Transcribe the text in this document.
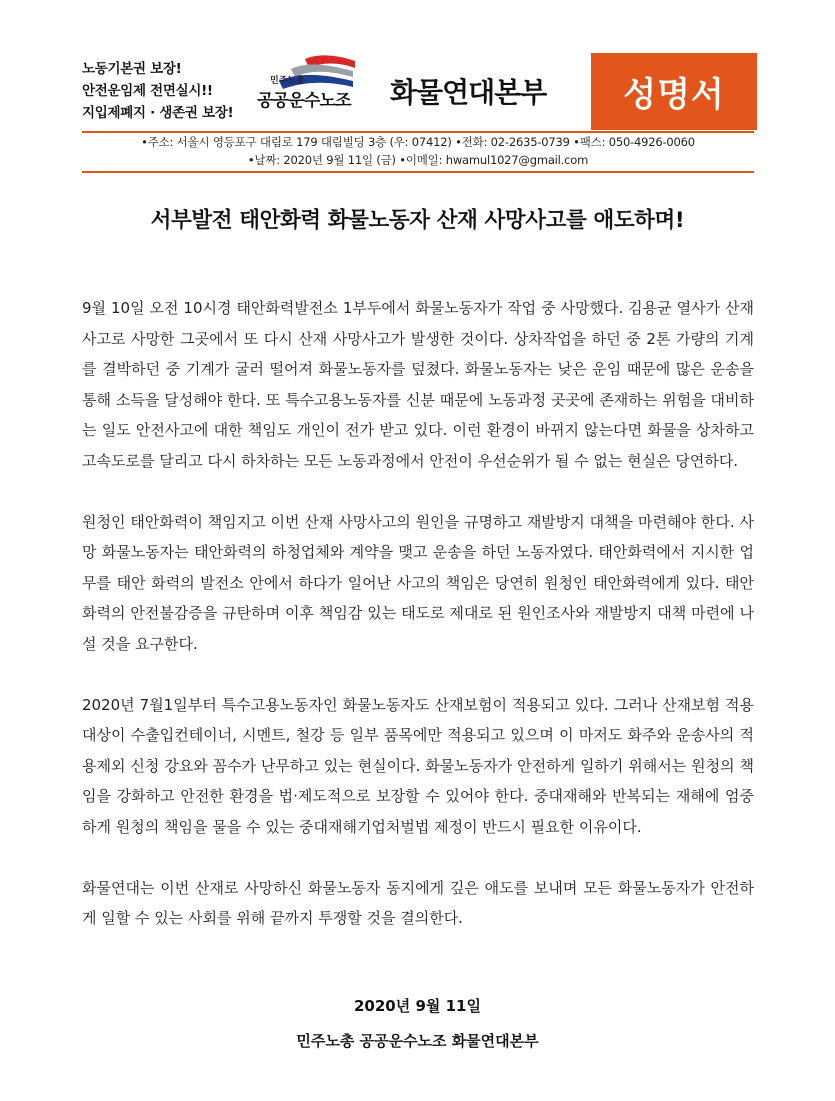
노동기본권 보장!
안전운임제 전면실시!!
지입제폐지 · 생존권 보장!
민주노총
공공운수노조 화물연대본부	성명서
•주소: 서울시 영등포구 대림로 179 대림빌딩 3층 (우: 07412) •전화: 02-2635-0739 •팩스: 050-4926-0060
•날짜: 2020년 9월 11일 (금) •이메일: hwamul1027@gmail.com
서부발전 태안화력 화물노동자 산재 사망사고를 애도하며!

9월 10일 오전 10시경 태안화력발전소 1부두에서 화물노동자가 작업 중 사망했다. 김용균 열사가 산재사고로 사망한 그곳에서 또 다시 산재 사망사고가 발생한 것이다. 상차작업을 하던 중 2톤 가량의 기계를 결박하던 중 기계가 굴러 떨어져 화물노동자를 덮쳤다. 화물노동자는 낮은 운임 때문에 많은 운송을 통해 소득을 달성해야 한다. 또 특수고용노동자를 신분 때문에 노동과정 곳곳에 존재하는 위험을 대비하는 일도 안전사고에 대한 책임도 개인이 전가 받고 있다. 이런 환경이 바뀌지 않는다면 화물을 상차하고 고속도로를 달리고 다시 하차하는 모든 노동과정에서 안전이 우선순위가 될 수 없는 현실은 당연하다.

원청인 태안화력이 책임지고 이번 산재 사망사고의 원인을 규명하고 재발방지 대책을 마련해야 한다. 사망 화물노동자는 태안화력의 하청업체와 계약을 맺고 운송을 하던 노동자였다. 태안화력에서 지시한 업무를 태안 화력의 발전소 안에서 하다가 일어난 사고의 책임은 당연히 원청인 태안화력에게 있다. 태안화력의 안전불감증을 규탄하며 이후 책임감 있는 태도로 제대로 된 원인조사와 재발방지 대책 마련에 나설 것을 요구한다.

2020년 7월1일부터 특수고용노동자인 화물노동자도 산재보험이 적용되고 있다. 그러나 산재보험 적용대상이 수출입컨테이너, 시멘트, 철강 등 일부 품목에만 적용되고 있으며 이 마저도 화주와 운송사의 적용제외 신청 강요와 꼼수가 난무하고 있는 현실이다. 화물노동자가 안전하게 일하기 위해서는 원청의 책임을 강화하고 안전한 환경을 법·제도적으로 보장할 수 있어야 한다. 중대재해와 반복되는 재해에 엄중하게 원청의 책임을 물을 수 있는 중대재해기업처벌법 제정이 반드시 필요한 이유이다.

화물연대는 이번 산재로 사망하신 화물노동자 동지에게 깊은 애도를 보내며 모든 화물노동자가 안전하게 일할 수 있는 사회를 위해 끝까지 투쟁할 것을 결의한다.

2020년 9월 11일
민주노총 공공운수노조 화물연대본부
